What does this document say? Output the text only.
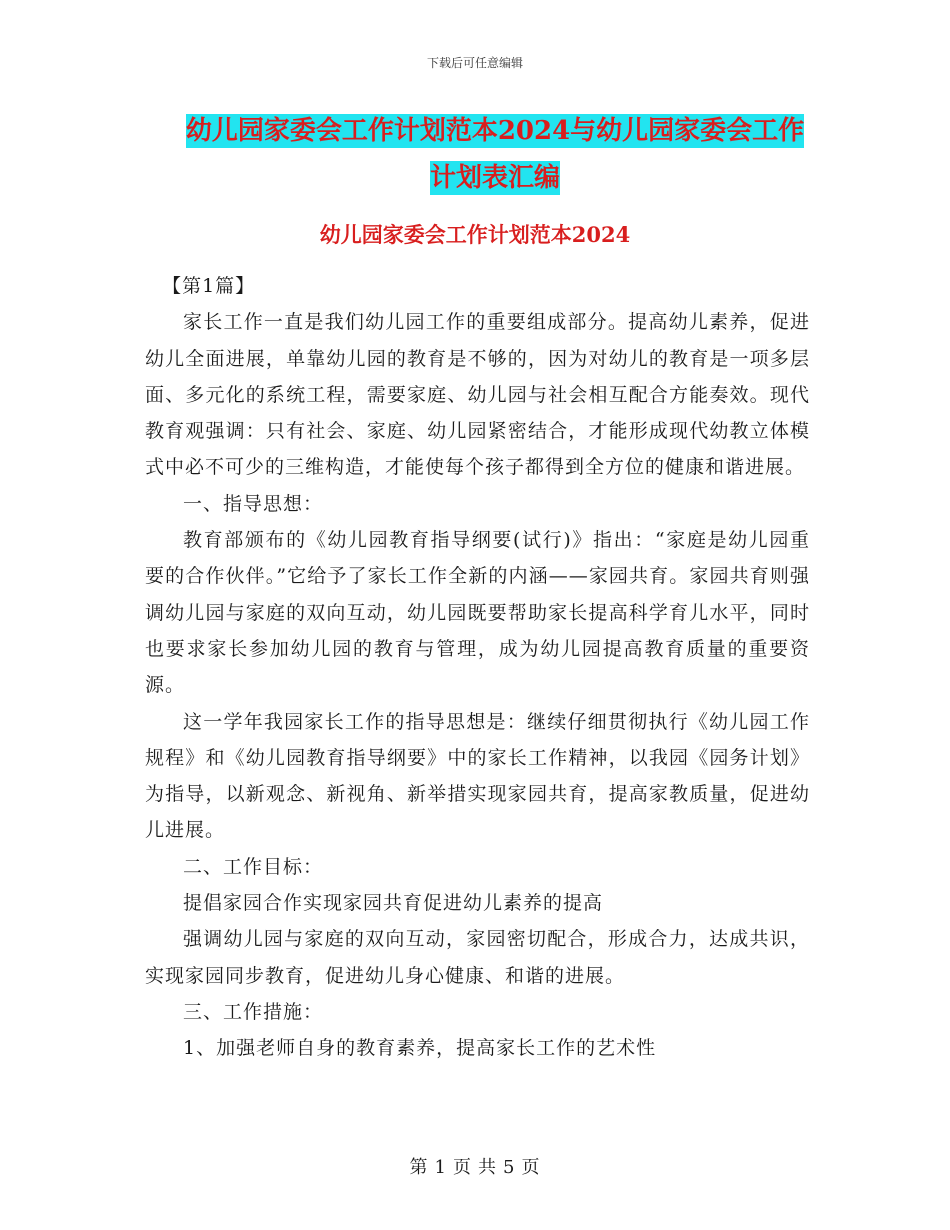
下载后可任意编辑
幼儿园家委会工作计划范本2024与幼儿园家委会工作
计划表汇编
幼儿园家委会工作计划范本2024

【第1篇】

家长工作一直是我们幼儿园工作的重要组成部分。提高幼儿素养，促进幼儿全面进展，单靠幼儿园的教育是不够的，因为对幼儿的教育是一项多层面、多元化的系统工程，需要家庭、幼儿园与社会相互配合方能奏效。现代教育观强调：只有社会、家庭、幼儿园紧密结合，才能形成现代幼教立体模式中必不可少的三维构造，才能使每个孩子都得到全方位的健康和谐进展。

一、指导思想：

教育部颁布的《幼儿园教育指导纲要(试行)》指出：“家庭是幼儿园重要的合作伙伴。”它给予了家长工作全新的内涵——家园共育。家园共育则强调幼儿园与家庭的双向互动，幼儿园既要帮助家长提高科学育儿水平，同时也要求家长参加幼儿园的教育与管理，成为幼儿园提高教育质量的重要资源。

这一学年我园家长工作的指导思想是：继续仔细贯彻执行《幼儿园工作规程》和《幼儿园教育指导纲要》中的家长工作精神，以我园《园务计划》为指导，以新观念、新视角、新举措实现家园共育，提高家教质量，促进幼儿进展。

二、工作目标：

提倡家园合作实现家园共育促进幼儿素养的提高

强调幼儿园与家庭的双向互动，家园密切配合，形成合力，达成共识，实现家园同步教育，促进幼儿身心健康、和谐的进展。

三、工作措施：

1、加强老师自身的教育素养，提高家长工作的艺术性

第 1 页 共 5 页
